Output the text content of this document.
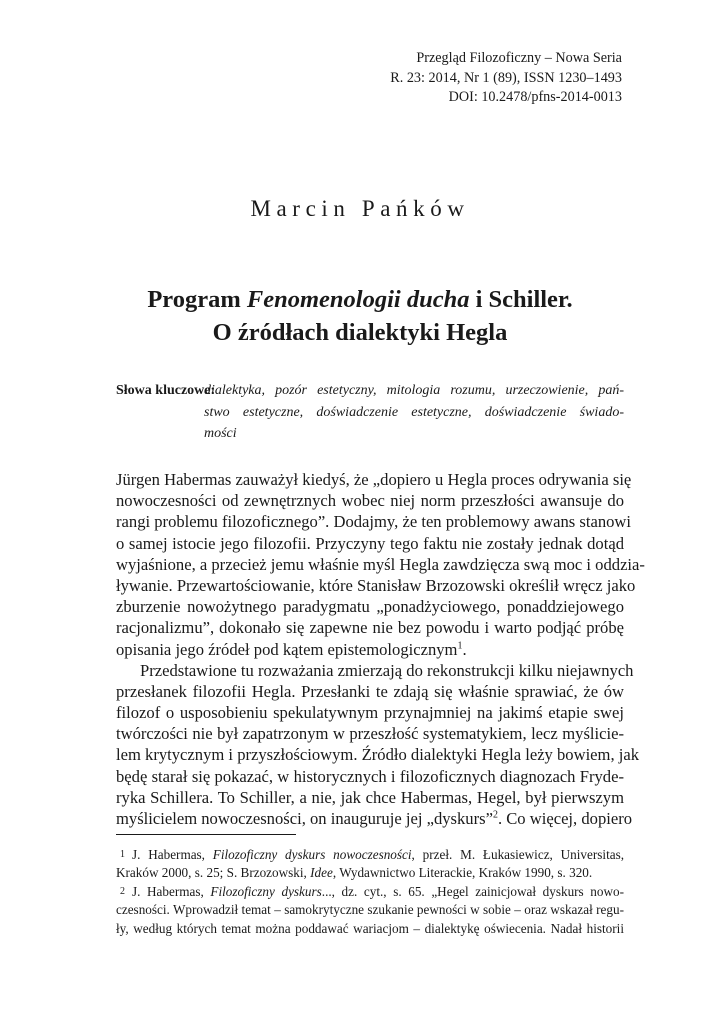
Przegląd Filozoficzny – Nowa Seria
R. 23: 2014, Nr 1 (89), ISSN 1230–1493
DOI: 10.2478/pfns-2014-0013
Marcin Pańków
Program Fenomenologii ducha i Schiller.
O źródłach dialektyki Hegla
Słowa kluczowe:
dialektyka, pozór estetyczny, mitologia rozumu, urzeczowienie, pań-
stwo estetyczne, doświadczenie estetyczne, doświadczenie świado-
mości
Jürgen Habermas zauważył kiedyś, że „dopiero u Hegla proces odrywania się
nowoczesności od zewnętrznych wobec niej norm przeszłości awansuje do
rangi problemu filozoficznego”. Dodajmy, że ten problemowy awans stanowi
o samej istocie jego filozofii. Przyczyny tego faktu nie zostały jednak dotąd
wyjaśnione, a przecież jemu właśnie myśl Hegla zawdzięcza swą moc i oddzia-
ływanie. Przewartościowanie, które Stanisław Brzozowski określił wręcz jako
zburzenie nowożytnego paradygmatu „ponadżyciowego, ponaddziejowego
racjonalizmu”, dokonało się zapewne nie bez powodu i warto podjąć próbę
opisania jego źródeł pod kątem epistemologicznym$^1$.
Przedstawione tu rozważania zmierzają do rekonstrukcji kilku niejawnych
przesłanek filozofii Hegla. Przesłanki te zdają się właśnie sprawiać, że ów
filozof o usposobieniu spekulatywnym przynajmniej na jakimś etapie swej
twórczości nie był zapatrzonym w przeszłość systematykiem, lecz myślicie-
lem krytycznym i przyszłościowym. Źródło dialektyki Hegla leży bowiem, jak
będę starał się pokazać, w historycznych i filozoficznych diagnozach Fryde-
ryka Schillera. To Schiller, a nie, jak chce Habermas, Hegel, był pierwszym
myślicielem nowoczesności, on inauguruje jej „dyskurs”$^2$. Co więcej, dopiero
1 J. Habermas, Filozoficzny dyskurs nowoczesności, przeł. M. Łukasiewicz, Universitas,
Kraków 2000, s. 25; S. Brzozowski, Idee, Wydawnictwo Literackie, Kraków 1990, s. 320.
2 J. Habermas, Filozoficzny dyskurs..., dz. cyt., s. 65. „Hegel zainicjował dyskurs nowo-
czesności. Wprowadził temat – samokrytyczne szukanie pewności w sobie – oraz wskazał regu-
ły, według których temat można poddawać wariacjom – dialektykę oświecenia. Nadał historii
